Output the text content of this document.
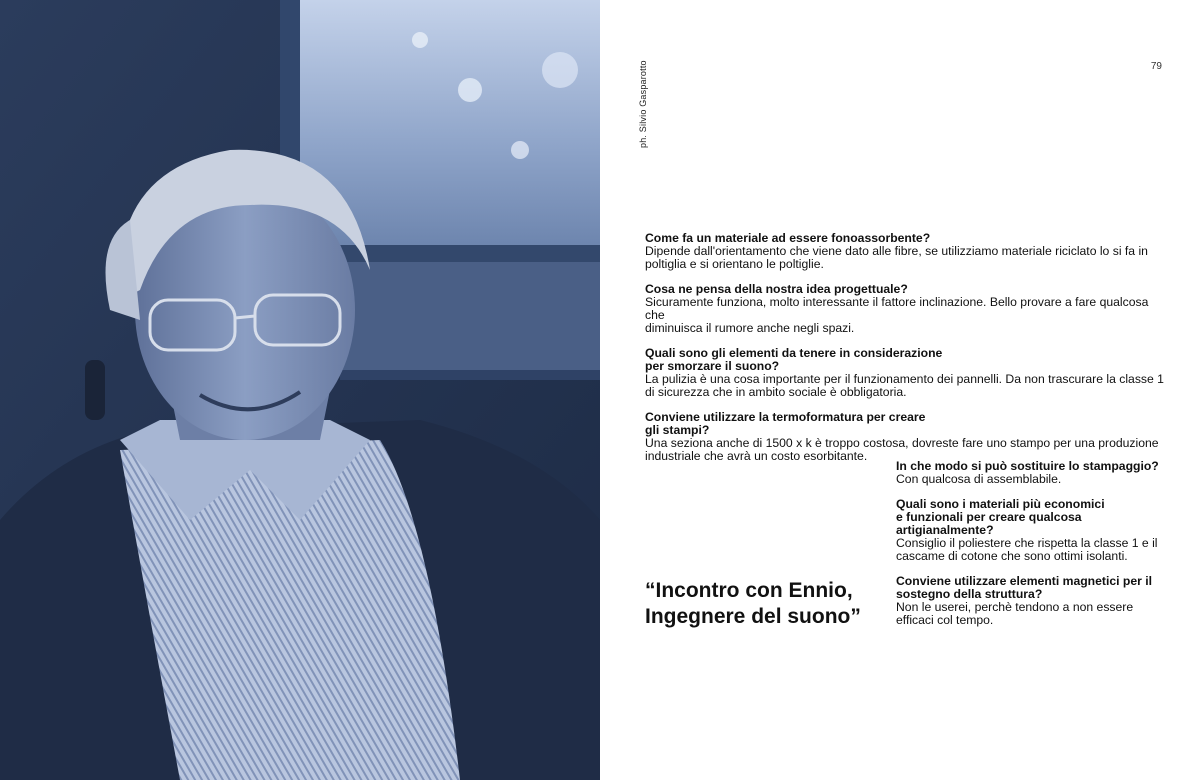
ph. Silvio Gasparotto	79
Come fa un materiale ad essere fonoassorbente?
Dipende dall'orientamento che viene dato alle fibre, se utilizziamo materiale riciclato lo si fa in
poltiglia e si orientano le poltiglie.
Cosa ne pensa della nostra idea progettuale?
Sicuramente funziona, molto interessante il fattore inclinazione. Bello provare a fare qualcosa che
diminuisca il rumore anche negli spazi.
Quali sono gli elementi da tenere in considerazione
per smorzare il suono?
La pulizia è una cosa importante per il funzionamento dei pannelli. Da non trascurare la classe 1
di sicurezza che in ambito sociale è obbligatoria.
Conviene utilizzare la termoformatura per creare
gli stampi?
Una seziona anche di 1500 x k è troppo costosa, dovreste fare uno stampo per una produzione
industriale che avrà un costo esorbitante.
In che modo si può sostituire lo stampaggio?
Con qualcosa di assemblabile.
Quali sono i materiali più economici
e funzionali per creare qualcosa
artigianalmente?
Consiglio il poliestere che rispetta la classe 1 e il
cascame di cotone che sono ottimi isolanti.
Conviene utilizzare elementi magnetici per il
sostegno della struttura?
Non le userei, perchè tendono a non essere
efficaci col tempo.
“Incontro con Ennio,
Ingegnere del suono”
